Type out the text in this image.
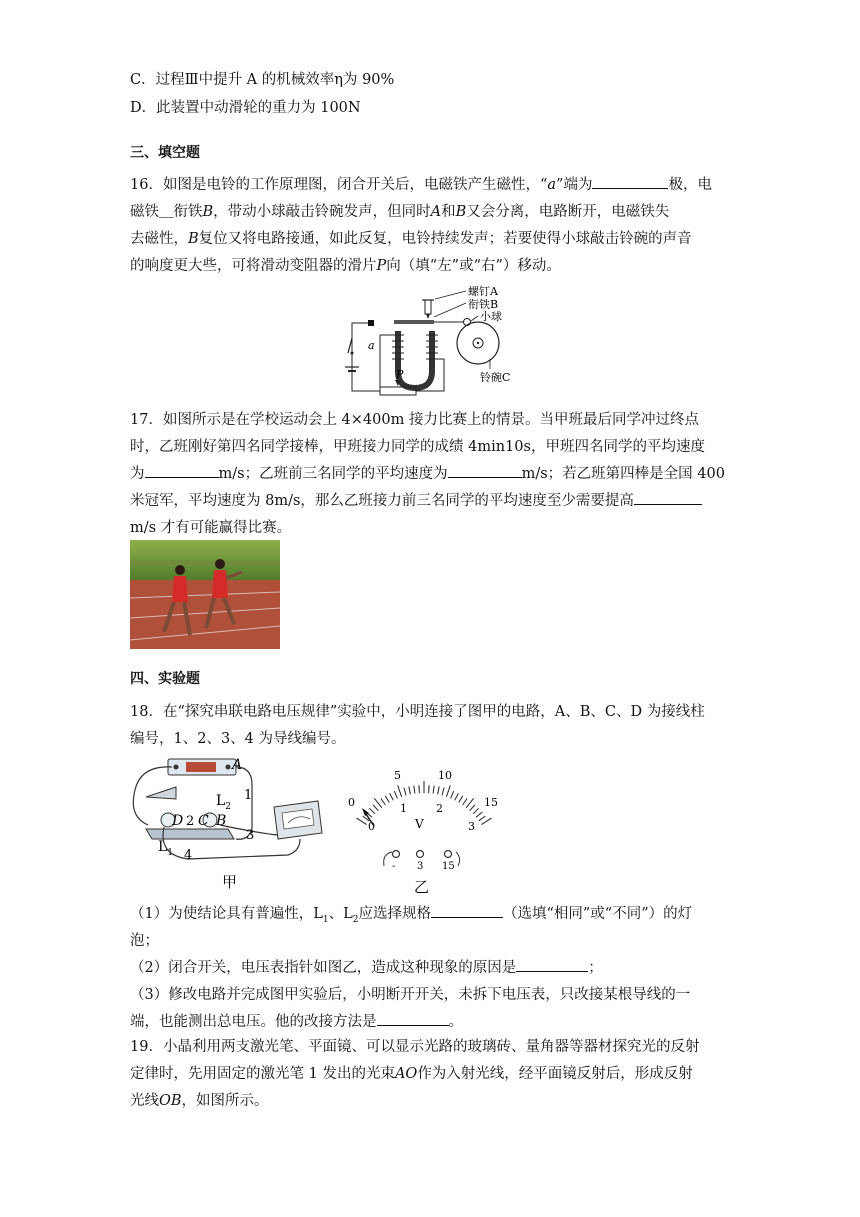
C．过程Ⅲ中提升 A 的机械效率η为 90%

D．此装置中动滑轮的重力为 100N

三、填空题

16．如图是电铃的工作原理图，闭合开关后，电磁铁产生磁性，“a”端为	极，电

磁铁＿衔铁B，带动小球敲击铃碗发声，但同时A和B又会分离，电路断开，电磁铁失

去磁性，B复位又将电路接通，如此反复，电铃持续发声；若要使得小球敲击铃碗的声音

的响度更大些，可将滑动变阻器的滑片P向（填“左”或“右”）移动。

螺钉A
衔铁B
小球
铃碗C
a
P

17．如图所示是在学校运动会上 4×400m 接力比赛上的情景。当甲班最后同学冲过终点

时，乙班刚好第四名同学接棒，甲班接力同学的成绩 4min10s，甲班四名同学的平均速度

为	m/s；乙班前三名同学的平均速度为	m/s；若乙班第四棒是全国 400

米冠军，平均速度为 8m/s，那么乙班接力前三名同学的平均速度至少需要提高

m/s 才有可能赢得比赛。

四、实验题

18．在“探究串联电路电压规律”实验中，小明连接了图甲的电路，A、B、C、D 为接线柱

编号，1、2、3、4 为导线编号。

A
D 2 C B
$L_2$
$L_1$
1
3
4
甲
0
5	10
15
0
1	2
3
V
- 3 15
乙

（1）为使结论具有普遍性，$L_1$、$L_2$应选择规格	（选填“相同”或“不同”）的灯

泡；

（2）闭合开关，电压表指针如图乙，造成这种现象的原因是	；

（3）修改电路并完成图甲实验后，小明断开开关，未拆下电压表，只改接某根导线的一

端，也能测出总电压。他的改接方法是	。

19．小晶利用两支激光笔、平面镜、可以显示光路的玻璃砖、量角器等器材探究光的反射

定律时，先用固定的激光笔 1 发出的光束AO作为入射光线，经平面镜反射后，形成反射

光线OB，如图所示。
